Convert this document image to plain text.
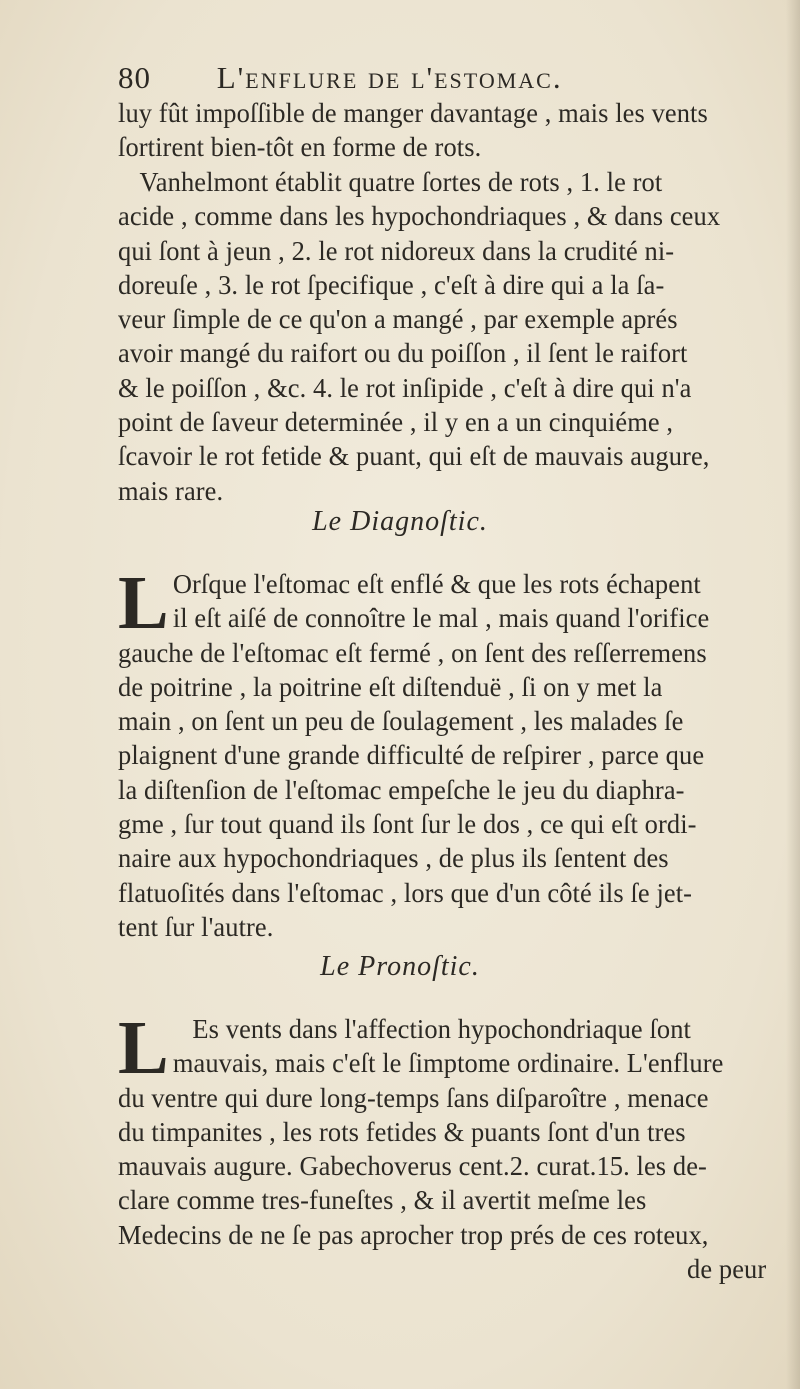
80 L'enflure de l'estomac.
luy fût impoſſible de manger davantage , mais les vents
ſortirent bien-tôt en forme de rots.
Vanhelmont établit quatre ſortes de rots , 1. le rot
acide , comme dans les hypochondriaques , & dans ceux
qui ſont à jeun , 2. le rot nidoreux dans la crudité ni-
doreuſe , 3. le rot ſpecifique , c'eſt à dire qui a la ſa-
veur ſimple de ce qu'on a mangé , par exemple aprés
avoir mangé du raifort ou du poiſſon , il ſent le raifort
& le poiſſon , &c. 4. le rot inſipide , c'eſt à dire qui n'a
point de ſaveur determinée , il y en a un cinquiéme ,
ſcavoir le rot fetide & puant, qui eſt de mauvais augure,
mais rare.
Le Diagnoſtic.
L Orſque l'eſtomac eſt enflé & que les rots échapent
il eſt aiſé de connoître le mal , mais quand l'orifice
gauche de l'eſtomac eſt fermé , on ſent des reſſerremens
de poitrine , la poitrine eſt diſtenduë , ſi on y met la
main , on ſent un peu de ſoulagement , les malades ſe
plaignent d'une grande difficulté de reſpirer , parce que
la diſtenſion de l'eſtomac empeſche le jeu du diaphra-
gme , ſur tout quand ils ſont ſur le dos , ce qui eſt ordi-
naire aux hypochondriaques , de plus ils ſentent des
flatuoſités dans l'eſtomac , lors que d'un côté ils ſe jet-
tent ſur l'autre.
Le Pronoſtic.
L Es vents dans l'affection hypochondriaque ſont
mauvais, mais c'eſt le ſimptome ordinaire. L'enflure
du ventre qui dure long-temps ſans diſparoître , menace
du timpanites , les rots fetides & puants ſont d'un tres
mauvais augure. Gabechoverus cent.2. curat.15. les de-
clare comme tres-funeſtes , & il avertit meſme les
Medecins de ne ſe pas aprocher trop prés de ces roteux,
de peur
